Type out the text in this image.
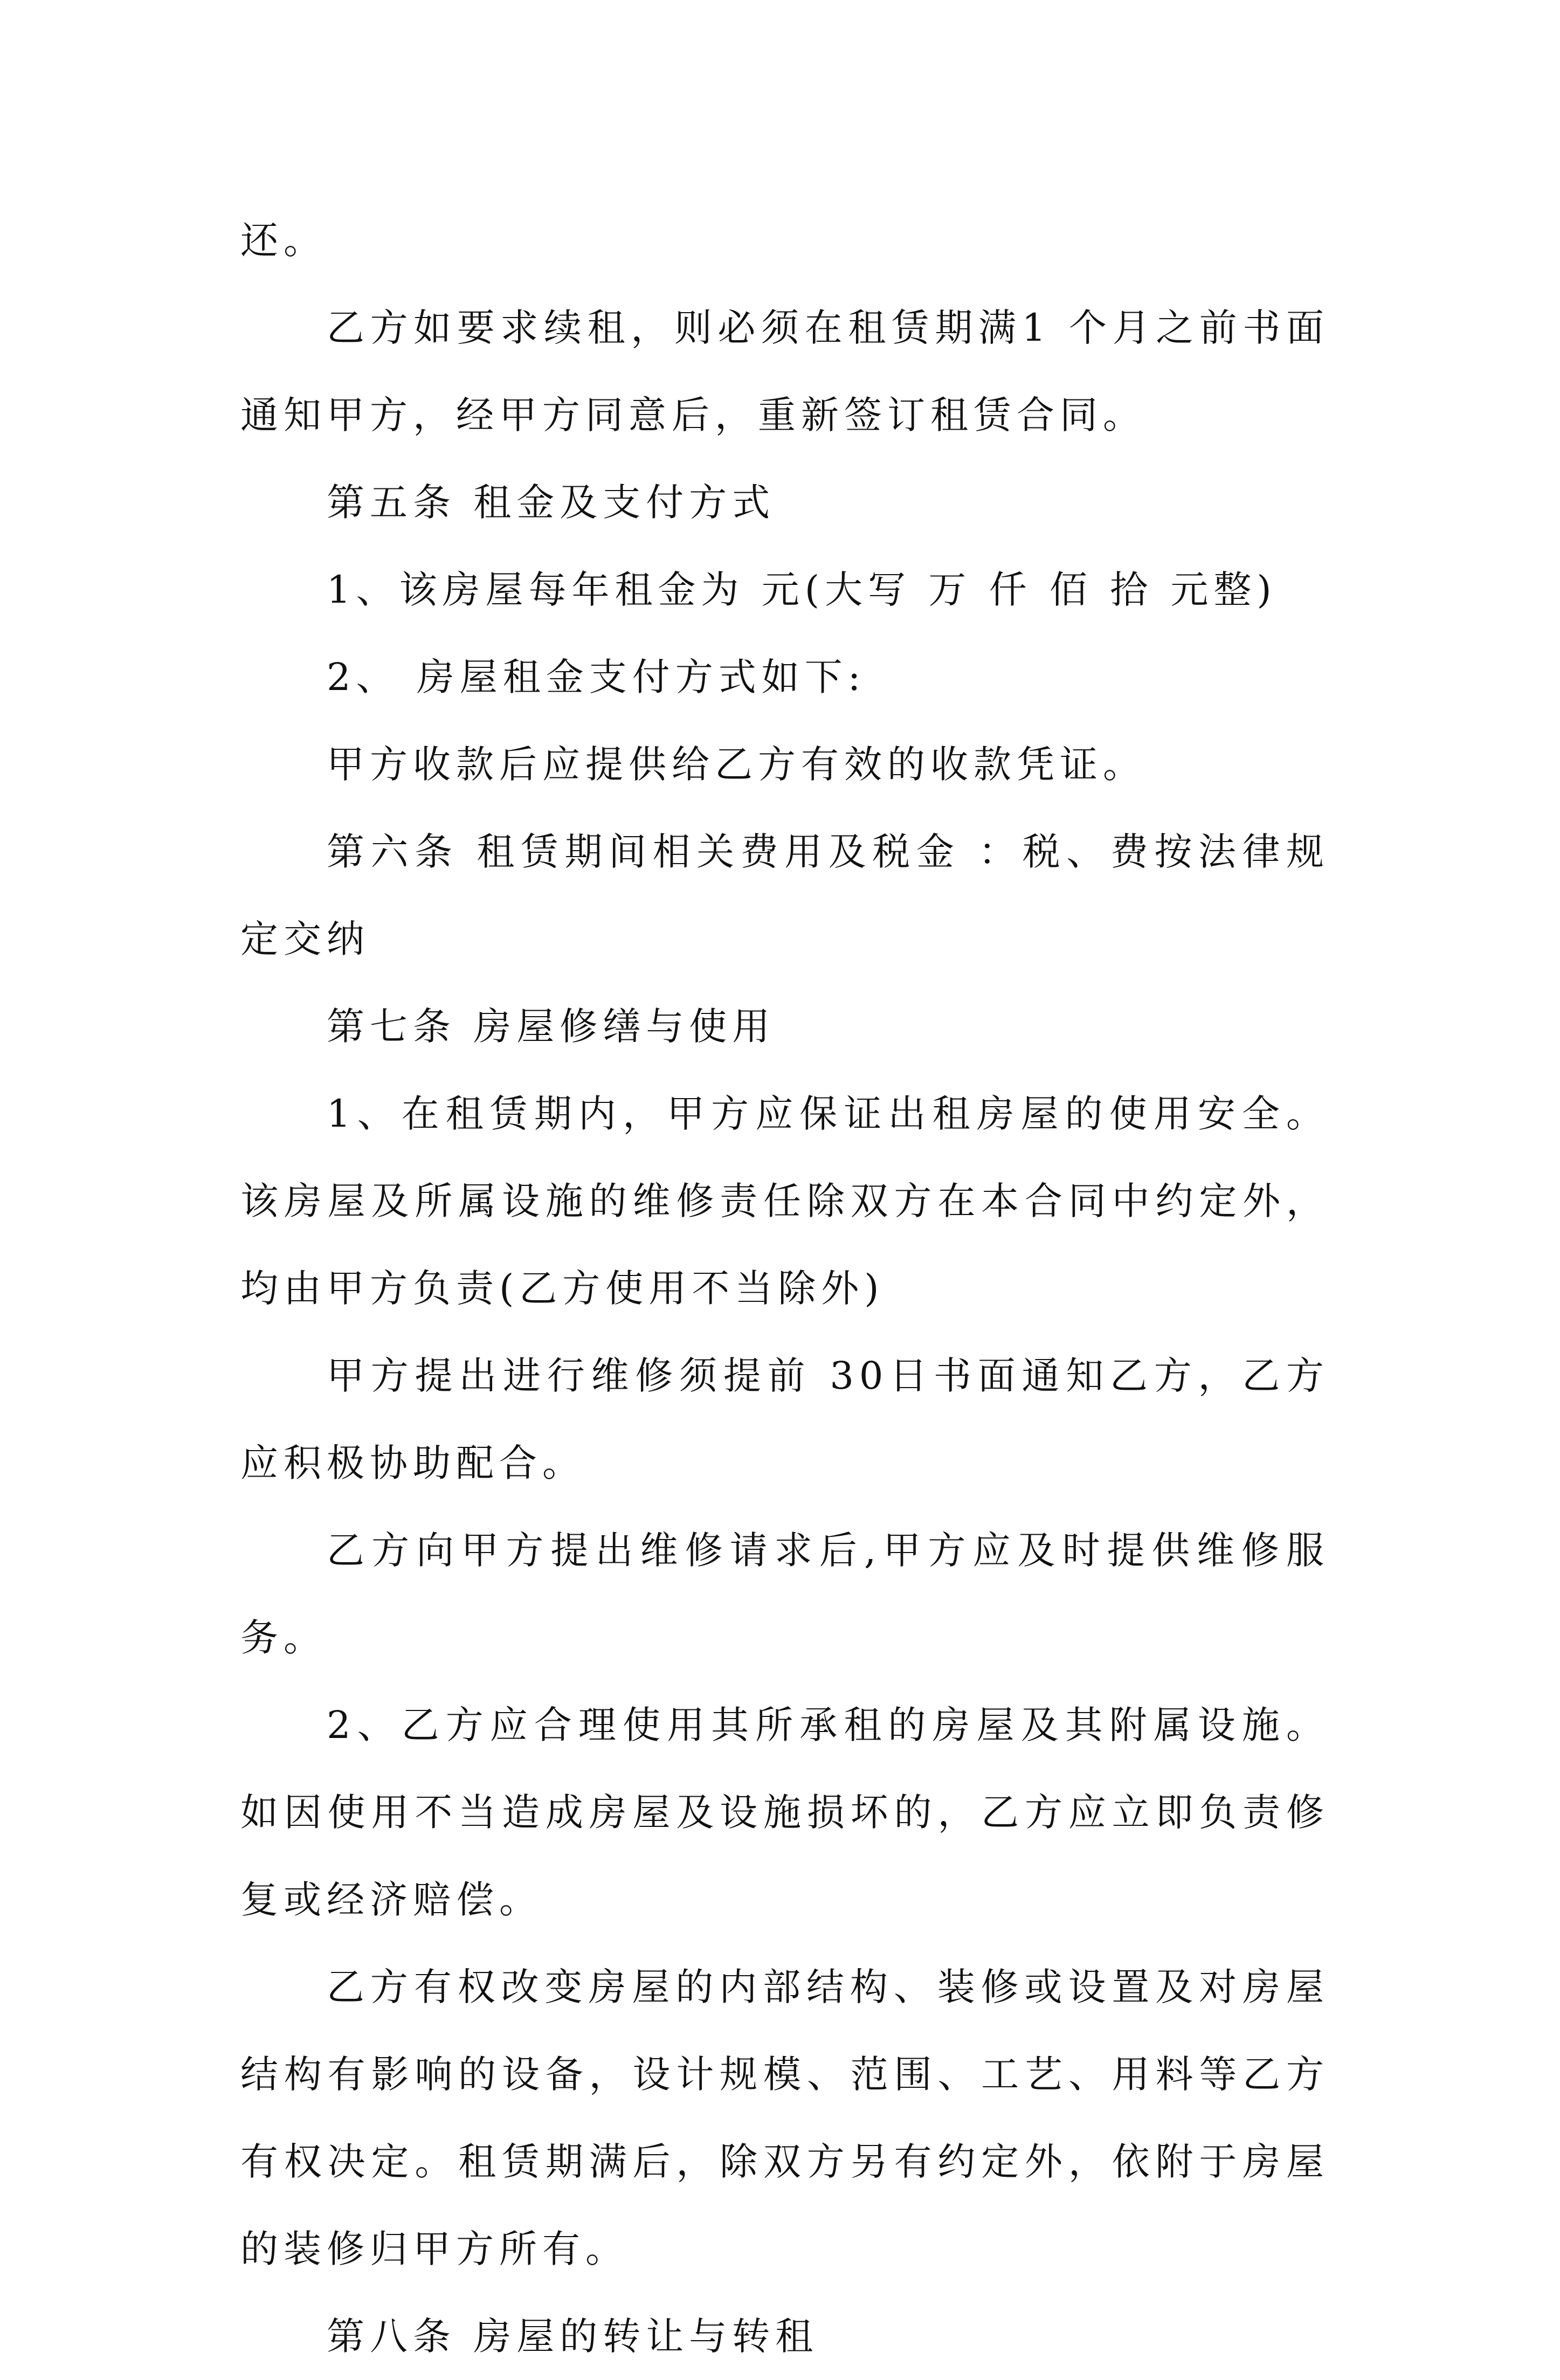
还。

乙方如要求续租，则必须在租赁期满1 个月之前书面通知甲方，经甲方同意后，重新签订租赁合同。

第五条 租金及支付方式

1、该房屋每年租金为 元(大写 万 仟 佰 拾 元整)

2、 房屋租金支付方式如下:

甲方收款后应提供给乙方有效的收款凭证。

第六条 租赁期间相关费用及税金 ：税、费按法律规定交纳

第七条 房屋修缮与使用

1、在租赁期内，甲方应保证出租房屋的使用安全。该房屋及所属设施的维修责任除双方在本合同中约定外，均由甲方负责(乙方使用不当除外)

甲方提出进行维修须提前 30日书面通知乙方，乙方应积极协助配合。

乙方向甲方提出维修请求后,甲方应及时提供维修服务。

2、乙方应合理使用其所承租的房屋及其附属设施。如因使用不当造成房屋及设施损坏的，乙方应立即负责修复或经济赔偿。

乙方有权改变房屋的内部结构、装修或设置及对房屋结构有影响的设备，设计规模、范围、工艺、用料等乙方有权决定。租赁期满后，除双方另有约定外，依附于房屋的装修归甲方所有。

第八条 房屋的转让与转租
